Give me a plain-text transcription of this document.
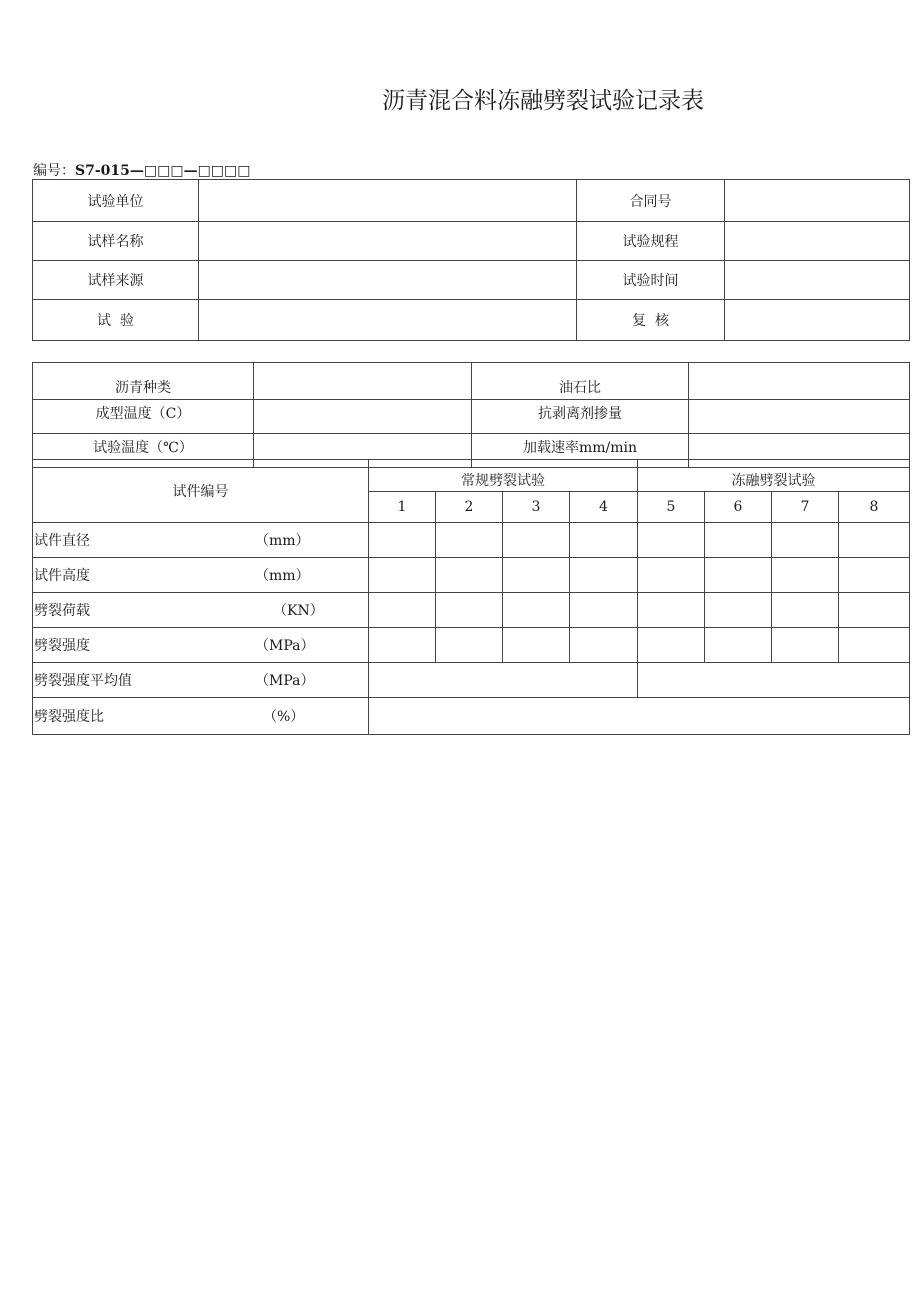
沥青混合料冻融劈裂试验记录表
编号：S7-015—□□□—□□□□
试验单位		合同号	
试样名称		试验规程	
试样来源		试验时间	
试  验		复  核	
沥青种类		油石比	
成型温度（C）		抗剥离剂掺量	
试验温度（℃）		加载速率mm/min	
试件编号	常规劈裂试验				冻融劈裂试验			
	1	2	3	4	5	6	7	8
试件直径 （mm）								

试件高度 （mm）								

劈裂荷载 （KN）								

劈裂强度 （MPa）								

劈裂强度平均值 （MPa）								

劈裂强度比 （%）								
